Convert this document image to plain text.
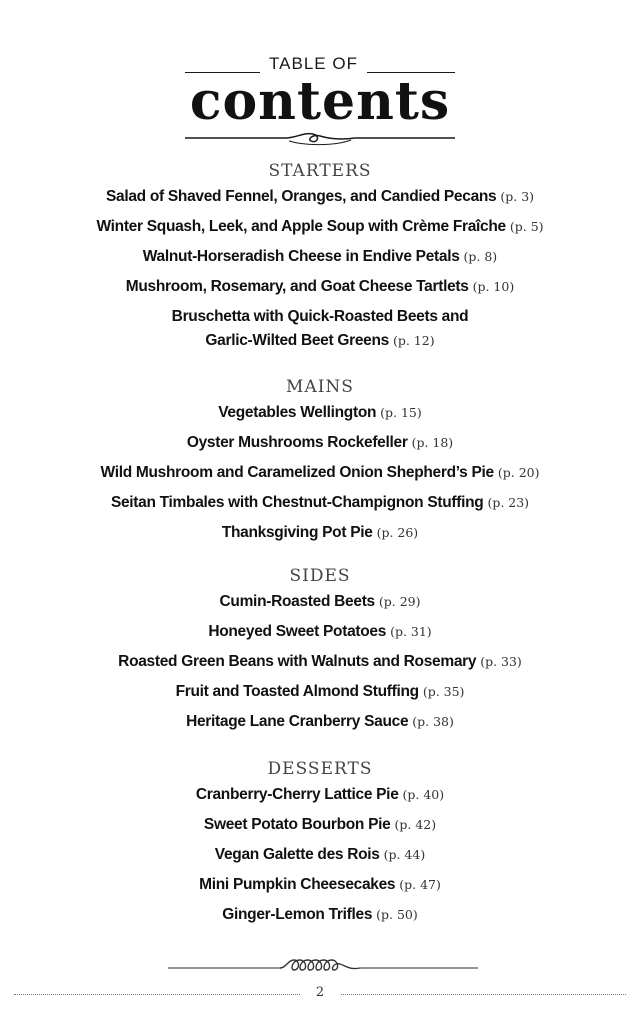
TABLE OF
contents
STARTERS
Salad of Shaved Fennel, Oranges, and Candied Pecans (p. 3)
Winter Squash, Leek, and Apple Soup with Crème Fraîche (p. 5)
Walnut-Horseradish Cheese in Endive Petals (p. 8)
Mushroom, Rosemary, and Goat Cheese Tartlets (p. 10)
Bruschetta with Quick-Roasted Beets and
Garlic-Wilted Beet Greens (p. 12)
MAINS
Vegetables Wellington (p. 15)
Oyster Mushrooms Rockefeller (p. 18)
Wild Mushroom and Caramelized Onion Shepherd’s Pie (p. 20)
Seitan Timbales with Chestnut-Champignon Stuffing (p. 23)
Thanksgiving Pot Pie (p. 26)
SIDES
Cumin-Roasted Beets (p. 29)
Honeyed Sweet Potatoes (p. 31)
Roasted Green Beans with Walnuts and Rosemary (p. 33)
Fruit and Toasted Almond Stuffing (p. 35)
Heritage Lane Cranberry Sauce (p. 38)
DESSERTS
Cranberry-Cherry Lattice Pie (p. 40)
Sweet Potato Bourbon Pie (p. 42)
Vegan Galette des Rois (p. 44)
Mini Pumpkin Cheesecakes (p. 47)
Ginger-Lemon Trifles (p. 50)
2
